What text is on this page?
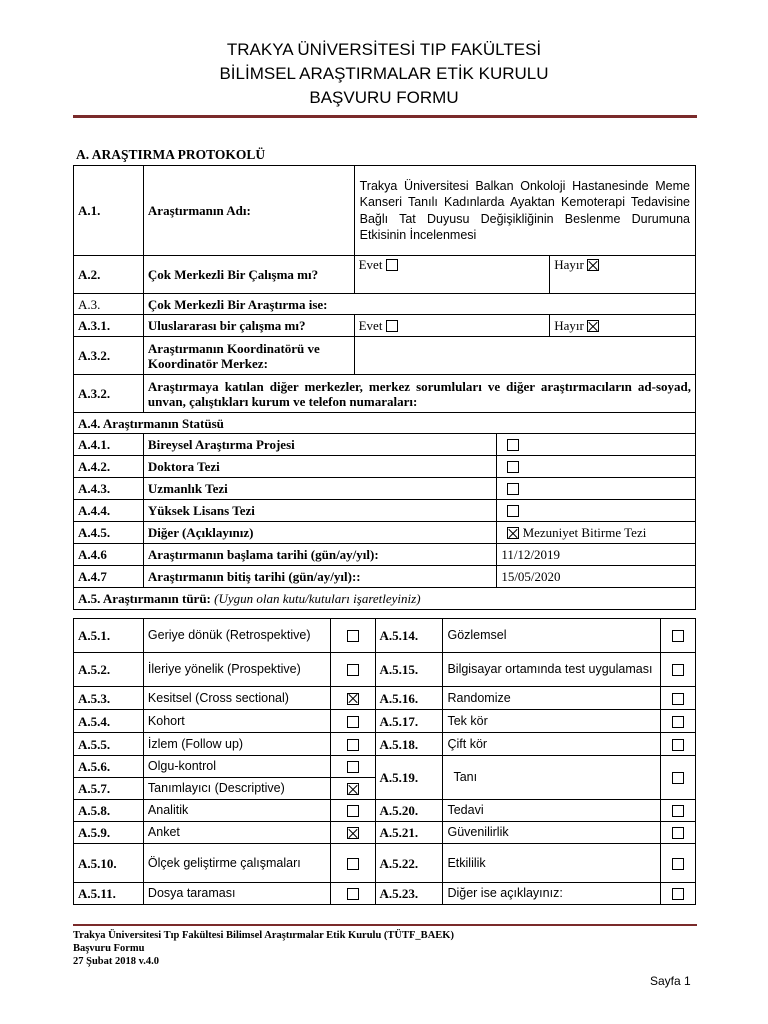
TRAKYA ÜNİVERSİTESİ TIP FAKÜLTESİ
BİLİMSEL ARAŞTIRMALAR ETİK KURULU
BAŞVURU FORMU
A. ARAŞTIRMA PROTOKOLÜ
A.1.	Araştırmanın Adı:	Trakya Üniversitesi Balkan Onkoloji Hastanesinde Meme Kanseri Tanılı Kadınlarda Ayaktan Kemoterapi Tedavisine Bağlı Tat Duyusu Değişikliğinin Beslenme Durumuna Etkisinin İncelenmesi		
A.2.	Çok Merkezli Bir Çalışma mı?	Evet		Hayır
A.3.	Çok Merkezli Bir Araştırma ise:			
A.3.1.	Uluslararası bir çalışma mı?	Evet		Hayır
A.3.2.	Araştırmanın Koordinatörü ve Koordinatör Merkez:			
A.3.2.	Araştırmaya katılan diğer merkezler, merkez sorumluları ve diğer araştırmacıların ad-soyad, unvan, çalıştıkları kurum ve telefon numaraları:			
A.4. Araştırmanın Statüsü				
A.4.1.	Bireysel Araştırma Projesi			
A.4.2.	Doktora Tezi			
A.4.3.	Uzmanlık Tezi			
A.4.4.	Yüksek Lisans Tezi			
A.4.5.	Diğer (Açıklayınız)		Mezuniyet Bitirme Tezi	
A.4.6	Araştırmanın başlama tarihi (gün/ay/yıl):		11/12/2019	
A.4.7	Araştırmanın bitiş tarihi (gün/ay/yıl)::		15/05/2020	
A.5. Araştırmanın türü: (Uygun olan kutu/kutuları işaretleyiniz)				
A.5.1.	Geriye dönük (Retrospektive)		A.5.14.	Gözlemsel	
A.5.2.	İleriye yönelik (Prospektive)		A.5.15.	Bilgisayar ortamında test uygulaması	
A.5.3.	Kesitsel (Cross sectional)		A.5.16.	Randomize	
A.5.4.	Kohort		A.5.17.	Tek kör	
A.5.5.	İzlem (Follow up)		A.5.18.	Çift kör	
A.5.6.	Olgu-kontrol		A.5.19.	Tanı	
A.5.7.	Tanımlayıcı (Descriptive)				
A.5.8.	Analitik		A.5.20.	Tedavi	
A.5.9.	Anket		A.5.21.	Güvenilirlik	
A.5.10.	Ölçek geliştirme çalışmaları		A.5.22.	Etkililik	
A.5.11.	Dosya taraması		A.5.23.	Diğer ise açıklayınız:	
Trakya Üniversitesi Tıp Fakültesi Bilimsel Araştırmalar Etik Kurulu (TÜTF_BAEK)
Başvuru Formu
27 Şubat 2018 v.4.0
Sayfa 1
